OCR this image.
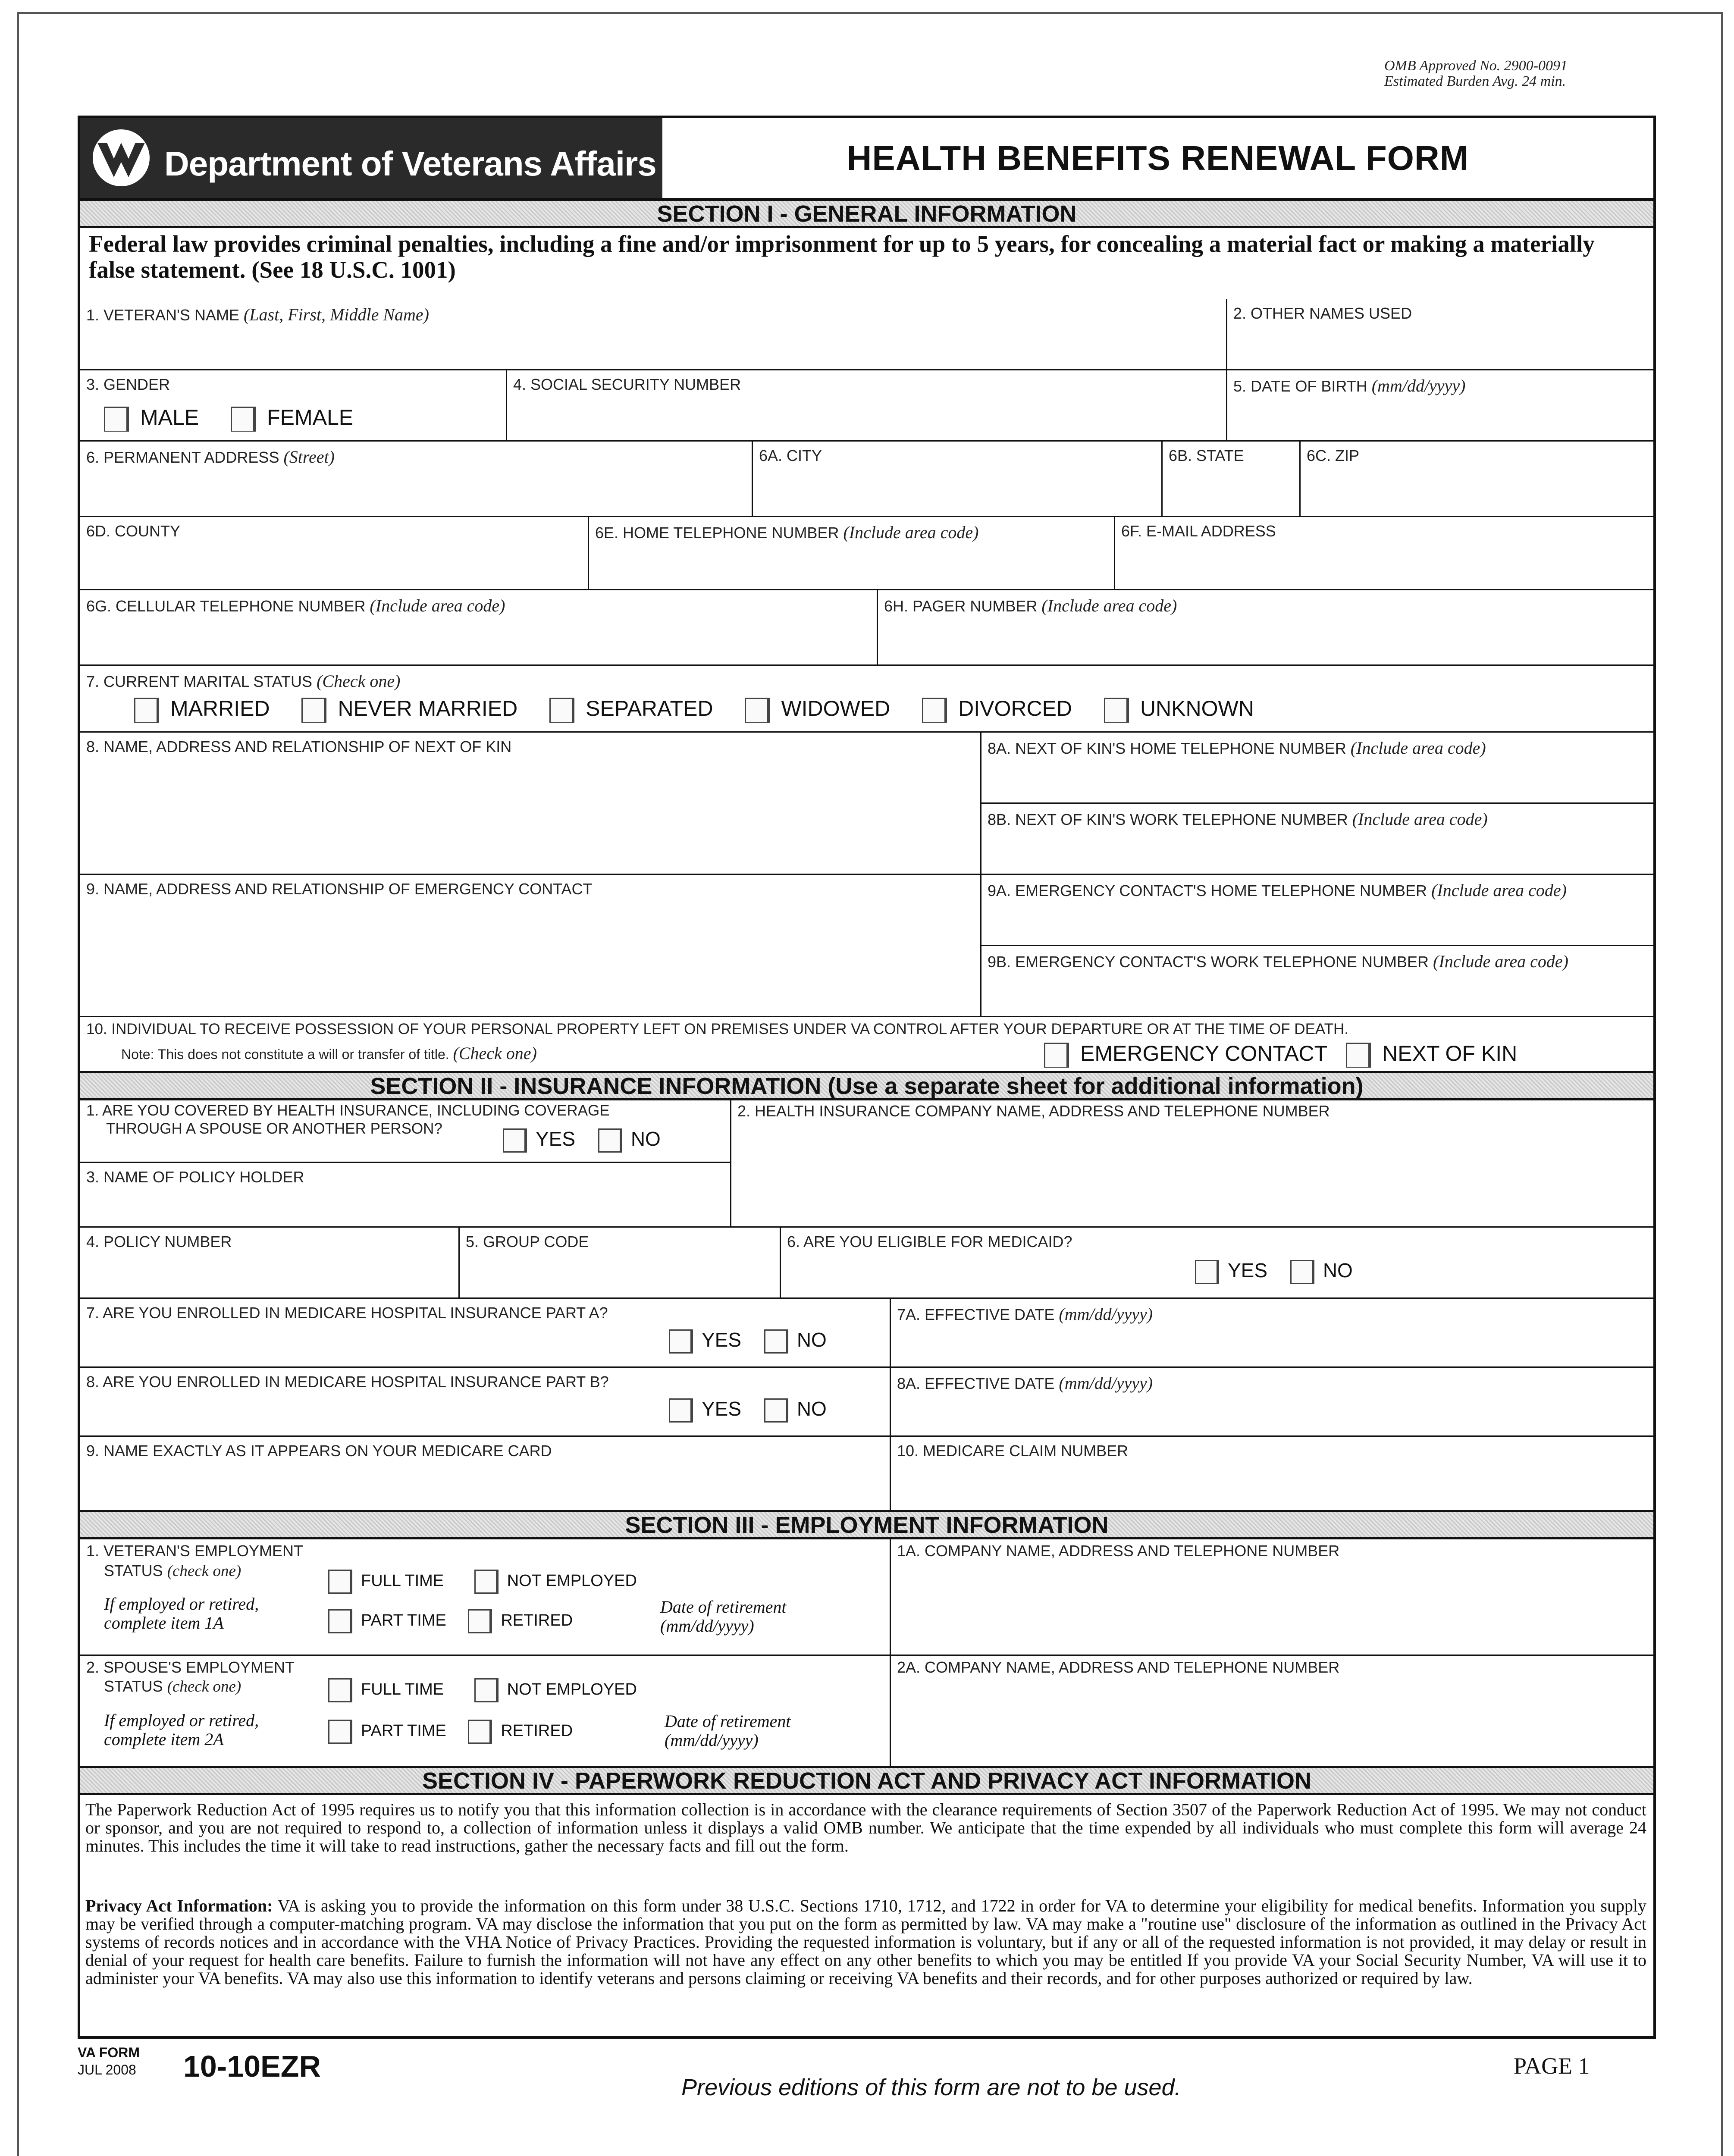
OMB Approved No. 2900-0091
Estimated Burden Avg. 24 min.
Department of Veterans Affairs	HEALTH BENEFITS RENEWAL FORM
SECTION I - GENERAL INFORMATION
Federal law provides criminal penalties, including a fine and/or imprisonment for up to 5 years, for concealing a material fact or making a materially false statement. (See 18 U.S.C. 1001)
1. VETERAN'S NAME (Last, First, Middle Name)	2. OTHER NAMES USED
3. GENDER
MALE	FEMALE
4. SOCIAL SECURITY NUMBER	5. DATE OF BIRTH (mm/dd/yyyy)
6. PERMANENT ADDRESS (Street)	6A. CITY	6B. STATE	6C. ZIP
6D. COUNTY	6E. HOME TELEPHONE NUMBER (Include area code)	6F. E-MAIL ADDRESS
6G. CELLULAR TELEPHONE NUMBER (Include area code)	6H. PAGER NUMBER (Include area code)
7. CURRENT MARITAL STATUS (Check one)
MARRIED	NEVER MARRIED	SEPARATED	WIDOWED	DIVORCED	UNKNOWN
8. NAME, ADDRESS AND RELATIONSHIP OF NEXT OF KIN	8A. NEXT OF KIN'S HOME TELEPHONE NUMBER (Include area code)
8B. NEXT OF KIN'S WORK TELEPHONE NUMBER (Include area code)
9. NAME, ADDRESS AND RELATIONSHIP OF EMERGENCY CONTACT	9A. EMERGENCY CONTACT'S HOME TELEPHONE NUMBER (Include area code)
9B. EMERGENCY CONTACT'S WORK TELEPHONE NUMBER (Include area code)
10. INDIVIDUAL TO RECEIVE POSSESSION OF YOUR PERSONAL PROPERTY LEFT ON PREMISES UNDER VA CONTROL AFTER YOUR DEPARTURE OR AT THE TIME OF DEATH.
Note: This does not constitute a will or transfer of title. (Check one)	EMERGENCY CONTACT	NEXT OF KIN
SECTION II - INSURANCE INFORMATION (Use a separate sheet for additional information)
1. ARE YOU COVERED BY HEALTH INSURANCE, INCLUDING COVERAGE
THROUGH A SPOUSE OR ANOTHER PERSON?	YES	NO
2. HEALTH INSURANCE COMPANY NAME, ADDRESS AND TELEPHONE NUMBER
3. NAME OF POLICY HOLDER
4. POLICY NUMBER	5. GROUP CODE	6. ARE YOU ELIGIBLE FOR MEDICAID?
YES	NO
7. ARE YOU ENROLLED IN MEDICARE HOSPITAL INSURANCE PART A?
YES	NO
7A. EFFECTIVE DATE (mm/dd/yyyy)
8. ARE YOU ENROLLED IN MEDICARE HOSPITAL INSURANCE PART B?
YES	NO
8A. EFFECTIVE DATE (mm/dd/yyyy)
9. NAME EXACTLY AS IT APPEARS ON YOUR MEDICARE CARD	10. MEDICARE CLAIM NUMBER
SECTION III - EMPLOYMENT INFORMATION
1. VETERAN'S EMPLOYMENT
STATUS (check one)
If employed or retired,
complete item 1A
FULL TIME	NOT EMPLOYED
PART TIME	RETIRED
Date of retirement
(mm/dd/yyyy)
1A. COMPANY NAME, ADDRESS AND TELEPHONE NUMBER
2. SPOUSE'S EMPLOYMENT
STATUS (check one)
If employed or retired,
complete item 2A
FULL TIME	NOT EMPLOYED
PART TIME	RETIRED
Date of retirement
(mm/dd/yyyy)
2A. COMPANY NAME, ADDRESS AND TELEPHONE NUMBER
SECTION IV - PAPERWORK REDUCTION ACT AND PRIVACY ACT INFORMATION
The Paperwork Reduction Act of 1995 requires us to notify you that this information collection is in accordance with the clearance requirements of Section 3507 of the Paperwork Reduction Act of 1995. We may not conduct or sponsor, and you are not required to respond to, a collection of information unless it displays a valid OMB number. We anticipate that the time expended by all individuals who must complete this form will average 24 minutes. This includes the time it will take to read instructions, gather the necessary facts and fill out the form.
Privacy Act Information: VA is asking you to provide the information on this form under 38 U.S.C. Sections 1710, 1712, and 1722 in order for VA to determine your eligibility for medical benefits. Information you supply may be verified through a computer-matching program. VA may disclose the information that you put on the form as permitted by law. VA may make a "routine use" disclosure of the information as outlined in the Privacy Act systems of records notices and in accordance with the VHA Notice of Privacy Practices. Providing the requested information is voluntary, but if any or all of the requested information is not provided, it may delay or result in denial of your request for health care benefits. Failure to furnish the information will not have any effect on any other benefits to which you may be entitled If you provide VA your Social Security Number, VA will use it to administer your VA benefits. VA may also use this information to identify veterans and persons claiming or receiving VA benefits and their records, and for other purposes authorized or required by law.
VA FORM
JUL 2008 10-10EZR
Previous editions of this form are not to be used.
PAGE 1
